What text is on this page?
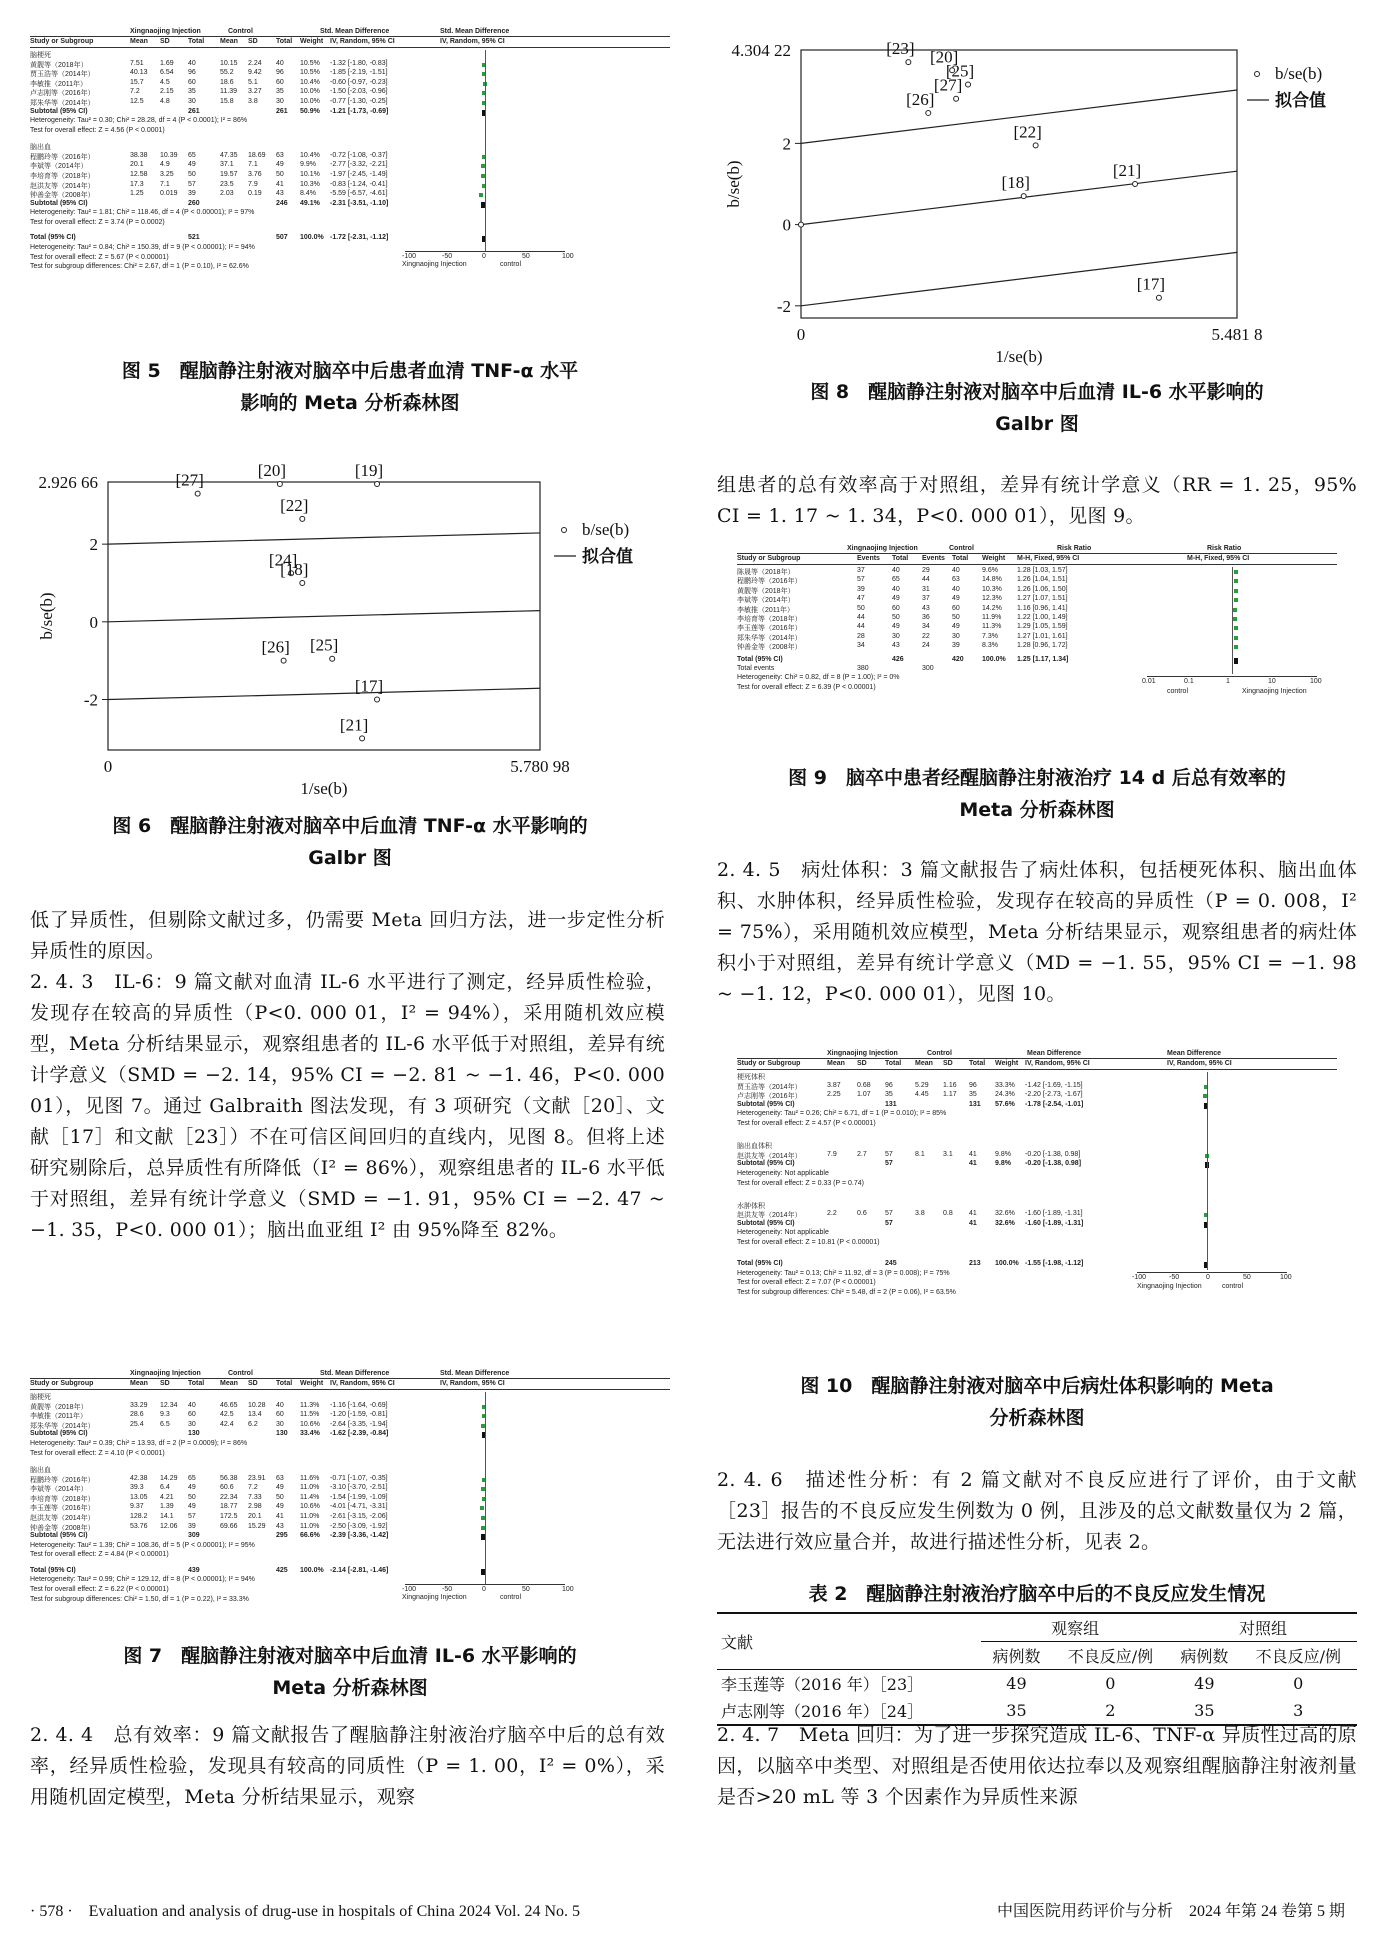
Xingnaojing Injection	Control	Std. Mean Difference	Std. Mean Difference
Study or Subgroup	Mean SD	Total Mean SD	Total Weight IV, Random, 95% CI	IV, Random, 95% CI
脑梗死
黄靓等（2018年）	7.51 1.69 40	10.15 2.24 40 10.5% -1.32 [-1.80, -0.83]
贾玉浩等（2014年）	40.13 6.54 96	55.2 9.42 96 10.5% -1.85 [-2.19, -1.51]
李敏推（2011年）	15.7 4.5	60	18.6 5.1	60 10.4% -0.60 [-0.97, -0.23]
卢志刚等（2016年）	7.2	2.15 35	11.39 3.27 35 10.0% -1.50 [-2.03, -0.96]
郑朱华等（2014年）	12.5 4.8	30	15.8 3.8	30 10.0% -0.77 [-1.30, -0.25]
Subtotal (95% CI)	261	261 50.9% -1.21 [-1.73, -0.69]
Heterogeneity: Tau² = 0.30; Chi² = 28.28, df = 4 (P < 0.0001); I² = 86%
Test for overall effect: Z = 4.56 (P < 0.0001)
脑出血
程鹏玲等（2016年）	38.38 10.39 65	47.35 18.69 63 10.4% -0.72 [-1.08, -0.37]
李斌等（2014年）	20.1 4.9	49	37.1 7.1	49 9.9% -2.77 [-3.32, -2.21]
李培育等（2018年）	12.58 3.25 50	19.57 3.76 50 10.1% -1.97 [-2.45, -1.49]
赵洪友等（2014年）	17.3 7.1	57	23.5 7.9	41 10.3% -0.83 [-1.24, -0.41]
钟善金等（2008年）	1.25 0.019 39	2.03 0.19 43 8.4% -5.59 [-6.57, -4.61]
Subtotal (95% CI)	260	246 49.1% -2.31 [-3.51, -1.10]
Heterogeneity: Tau² = 1.81; Chi² = 118.46, df = 4 (P < 0.00001); I² = 97%
Test for overall effect: Z = 3.74 (P = 0.0002)
Total (95% CI)	521	507 100.0% -1.72 [-2.31, -1.12]
Heterogeneity: Tau² = 0.84; Chi² = 150.39, df = 9 (P < 0.00001); I² = 94%
Test for overall effect: Z = 5.67 (P < 0.00001)
Test for subgroup differences: Chi² = 2.67, df = 1 (P = 0.10), I² = 62.6%
-100	-50	0	50	100
Xingnaojing Injection	control
图 5　醒脑静注射液对脑卒中后患者血清 TNF-α 水平
影响的 Meta 分析森林图
2
0
-2
2.926 66
0	5.780 98
1/se(b)
b/se(b)
[27]
[20]	[19]
[22]
[24]
[18]
[26] [25]
[17]
[21]
b/se(b)
拟合值
图 6　醒脑静注射液对脑卒中后血清 TNF-α 水平影响的
Galbr 图

低了异质性，但剔除文献过多，仍需要 Meta 回归方法，进一步定性分析异质性的原因。

2. 4. 3　IL-6：9 篇文献对血清 IL-6 水平进行了测定，经异质性检验，发现存在较高的异质性（P<0. 000 01，I² = 94%），采用随机效应模型，Meta 分析结果显示，观察组患者的 IL-6 水平低于对照组，差异有统计学意义（SMD = −2. 14，95% CI = −2. 81 ~ −1. 46，P<0. 000 01），见图 7。通过 Galbraith 图法发现，有 3 项研究（文献［20］、文献［17］和文献［23］）不在可信区间回归的直线内，见图 8。但将上述研究剔除后，总异质性有所降低（I² = 86%），观察组患者的 IL-6 水平低于对照组，差异有统计学意义（SMD = −1. 91，95% CI = −2. 47 ~ −1. 35，P<0. 000 01）；脑出血亚组 I² 由 95%降至 82%。

Xingnaojing Injection	Control	Std. Mean Difference	Std. Mean Difference
Study or Subgroup	Mean SD	Total Mean SD	Total Weight IV, Random, 95% CI	IV, Random, 95% CI
脑梗死
黄靓等（2018年）	33.29 12.34 40	46.65 10.28 40 11.3% -1.16 [-1.64, -0.69]
李敏推（2011年）	28.6 9.3	60	42.5 13.4 60 11.5% -1.20 [-1.59, -0.81]
郑朱华等（2014年）	25.4 6.5	30	42.4 6.2	30 10.6% -2.64 [-3.35, -1.94]
Subtotal (95% CI)	130	130 33.4% -1.62 [-2.39, -0.84]
Heterogeneity: Tau² = 0.39; Chi² = 13.93, df = 2 (P = 0.0009); I² = 86%
Test for overall effect: Z = 4.10 (P < 0.0001)
脑出血
程鹏玲等（2016年）	42.38 14.29 65	56.38 23.91 63 11.6% -0.71 [-1.07, -0.35]
李斌等（2014年）	39.3 6.4	49	60.6 7.2	49 11.0% -3.10 [-3.70, -2.51]
李培育等（2018年）	13.05 4.21 50	22.34 7.33 50 11.4% -1.54 [-1.99, -1.09]
李玉莲等（2016年）	9.37 1.39 49	18.77 2.98 49 10.6% -4.01 [-4.71, -3.31]
赵洪友等（2014年）	128.2 14.1 57	172.5 20.1 41 11.0% -2.61 [-3.15, -2.06]
钟善金等（2008年）	53.76 12.06 39	69.66 15.29 43 11.0% -2.50 [-3.09, -1.92]
Subtotal (95% CI)	309	295 66.6% -2.39 [-3.36, -1.42]
Heterogeneity: Tau² = 1.39; Chi² = 108.36, df = 5 (P < 0.00001); I² = 95%
Test for overall effect: Z = 4.84 (P < 0.00001)
Total (95% CI)	439	425 100.0% -2.14 [-2.81, -1.46]
Heterogeneity: Tau² = 0.99; Chi² = 129.12, df = 8 (P < 0.00001); I² = 94%
Test for overall effect: Z = 6.22 (P < 0.00001)
Test for subgroup differences: Chi² = 1.50, df = 1 (P = 0.22), I² = 33.3%
-100	-50	0	50	100
Xingnaojing Injection	control
图 7　醒脑静注射液对脑卒中后血清 IL-6 水平影响的
Meta 分析森林图

2. 4. 4　总有效率：9 篇文献报告了醒脑静注射液治疗脑卒中后的总有效率，经异质性检验，发现具有较高的同质性（P = 1. 00，I² = 0%），采用随机固定模型，Meta 分析结果显示，观察

2
0
-2
4.304 22
0	5.481 8
1/se(b)
b/se(b)
[23] [20]
[25]
[27]
[26]
[22]
[21]
[18]
[17]
b/se(b)
拟合值
图 8　醒脑静注射液对脑卒中后血清 IL-6 水平影响的
Galbr 图

组患者的总有效率高于对照组，差异有统计学意义（RR = 1. 25，95% CI = 1. 17 ~ 1. 34，P<0. 000 01），见图 9。

Xingnaojing Injection	Control	Risk Ratio	Risk Ratio
Study or Subgroup	Events Total Events Total Weight M-H, Fixed, 95% CI	M-H, Fixed, 95% CI
陈晟等（2018年）	37	40	29	40	9.6%	1.28 [1.03, 1.57]
程鹏玲等（2016年）	57	65	44	63	14.8% 1.26 [1.04, 1.51]
黄靓等（2018年）	39	40	31	40	10.3% 1.26 [1.06, 1.50]
李斌等（2014年）	47	49	37	49	12.3% 1.27 [1.07, 1.51]
李敏推（2011年）	50	60	43	60	14.2% 1.16 [0.96, 1.41]
李培育等（2018年）	44	50	36	50	11.9% 1.22 [1.00, 1.49]
李玉莲等（2016年）	44	49	34	49	11.3% 1.29 [1.05, 1.59]
郑朱华等（2014年）	28	30	22	30	7.3%	1.27 [1.01, 1.61]
钟善金等（2008年）	34	43	24	39	8.3%	1.28 [0.96, 1.72]
Total (95% CI)	426	420	100.0% 1.25 [1.17, 1.34]
Total events	380	300
Heterogeneity: Chi² = 0.82, df = 8 (P = 1.00); I² = 0%
0.01	0.1	1	10	100
Test for overall effect: Z = 6.39 (P < 0.00001)
control	Xingnaojing Injection
图 9　脑卒中患者经醒脑静注射液治疗 14 d 后总有效率的
Meta 分析森林图

2. 4. 5　病灶体积：3 篇文献报告了病灶体积，包括梗死体积、脑出血体积、水肿体积，经异质性检验，发现存在较高的异质性（P = 0. 008，I² = 75%），采用随机效应模型，Meta 分析结果显示，观察组患者的病灶体积小于对照组，差异有统计学意义（MD = −1. 55，95% CI = −1. 98 ~ −1. 12，P<0. 000 01），见图 10。

Xingnaojing Injection	Control	Mean Difference	Mean Difference
Study or Subgroup	Mean SD	Total Mean SD Total Weight IV, Random, 95% CI	IV, Random, 95% CI
梗死体积
贾玉浩等（2014年）	3.87 0.68 96	5.29 1.16 96	33.3% -1.42 [-1.69, -1.15]
卢志刚等（2016年）	2.25 1.07 35	4.45 1.17 35	24.3% -2.20 [-2.73, -1.67]
Subtotal (95% CI)	131	131 57.6% -1.78 [-2.54, -1.01]
Heterogeneity: Tau² = 0.26; Chi² = 6.71, df = 1 (P = 0.010); I² = 85%
Test for overall effect: Z = 4.57 (P < 0.00001)
脑出血体积
赵洪友等（2014年）	7.9	2.7	57	8.1	3.1 41	9.8% -0.20 [-1.38, 0.98]
Subtotal (95% CI)	57	41	9.8% -0.20 [-1.38, 0.98]
Heterogeneity: Not applicable
Test for overall effect: Z = 0.33 (P = 0.74)
水肿体积
赵洪友等（2014年）	2.2	0.6	57	3.8	0.8 41	32.6% -1.60 [-1.89, -1.31]
Subtotal (95% CI)	57	41	32.6% -1.60 [-1.89, -1.31]
Heterogeneity: Not applicable
Test for overall effect: Z = 10.81 (P < 0.00001)
Total (95% CI)	245	213 100.0% -1.55 [-1.98, -1.12]
Heterogeneity: Tau² = 0.13; Chi² = 11.92, df = 3 (P = 0.008); I² = 75%
-100	-50	0	50	100
Test for overall effect: Z = 7.07 (P < 0.00001)
Xingnaojing Injection	control
Test for subgroup differences: Chi² = 5.48, df = 2 (P = 0.06), I² = 63.5%
图 10　醒脑静注射液对脑卒中后病灶体积影响的 Meta
分析森林图

2. 4. 6　描述性分析：有 2 篇文献对不良反应进行了评价，由于文献［23］报告的不良反应发生例数为 0 例，且涉及的总文献数量仅为 2 篇，无法进行效应量合并，故进行描述性分析，见表 2。

表 2　醒脑静注射液治疗脑卒中后的不良反应发生情况
文献	观察组		对照组	
	病例数	不良反应/例	病例数	不良反应/例
李玉莲等（2016 年）［23］	49	0	49	0
卢志刚等（2016 年）［24］	35	2	35	3

2. 4. 7　Meta 回归：为了进一步探究造成 IL-6、TNF-α 异质性过高的原因，以脑卒中类型、对照组是否使用依达拉奉以及观察组醒脑静注射液剂量是否>20 mL 等 3 个因素作为异质性来源

· 578 ·　Evaluation and analysis of drug-use in hospitals of China 2024 Vol. 24 No. 5	中国医院用药评价与分析　2024 年第 24 卷第 5 期
